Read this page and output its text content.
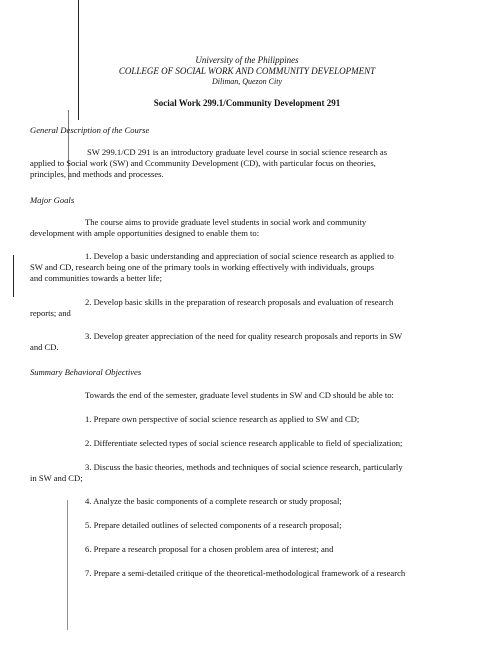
University of the Philippines
COLLEGE OF SOCIAL WORK AND COMMUNITY DEVELOPMENT
Diliman, Quezon City
Social Work 299.1/Community Development 291
General Description of the Course
SW 299.1/CD 291 is an introductory graduate level course in social science research as
applied to Social work (SW) and Ccommunity Development (CD), with particular focus on theories,
principles, and methods and processes.
Major Goals
The course aims to provide graduate level students in social work and community
development with ample opportunities designed to enable them to:
1. Develop a basic understanding and appreciation of social science research as applied to
SW and CD, research being one of the primary tools in working effectively with individuals, groups
and communities towards a better life;
2. Develop basic skills in the preparation of research proposals and evaluation of research
reports; and
3. Develop greater appreciation of the need for quality research proposals and reports in SW
and CD.
Summary Behavioral Objectives
Towards the end of the semester, graduate level students in SW and CD should be able to:
1. Prepare own perspective of social science research as applied to SW and CD;
2. Differentiate selected types of social science research applicable to field of specialization;
3. Discuss the basic theories, methods and techniques of social science research, particularly
in SW and CD;
4. Analyze the basic components of a complete research or study proposal;
5. Prepare detailed outlines of selected components of a research proposal;
6. Prepare a research proposal for a chosen problem area of interest; and
7. Prepare a semi-detailed critique of the theoretical-methodological framework of a research
